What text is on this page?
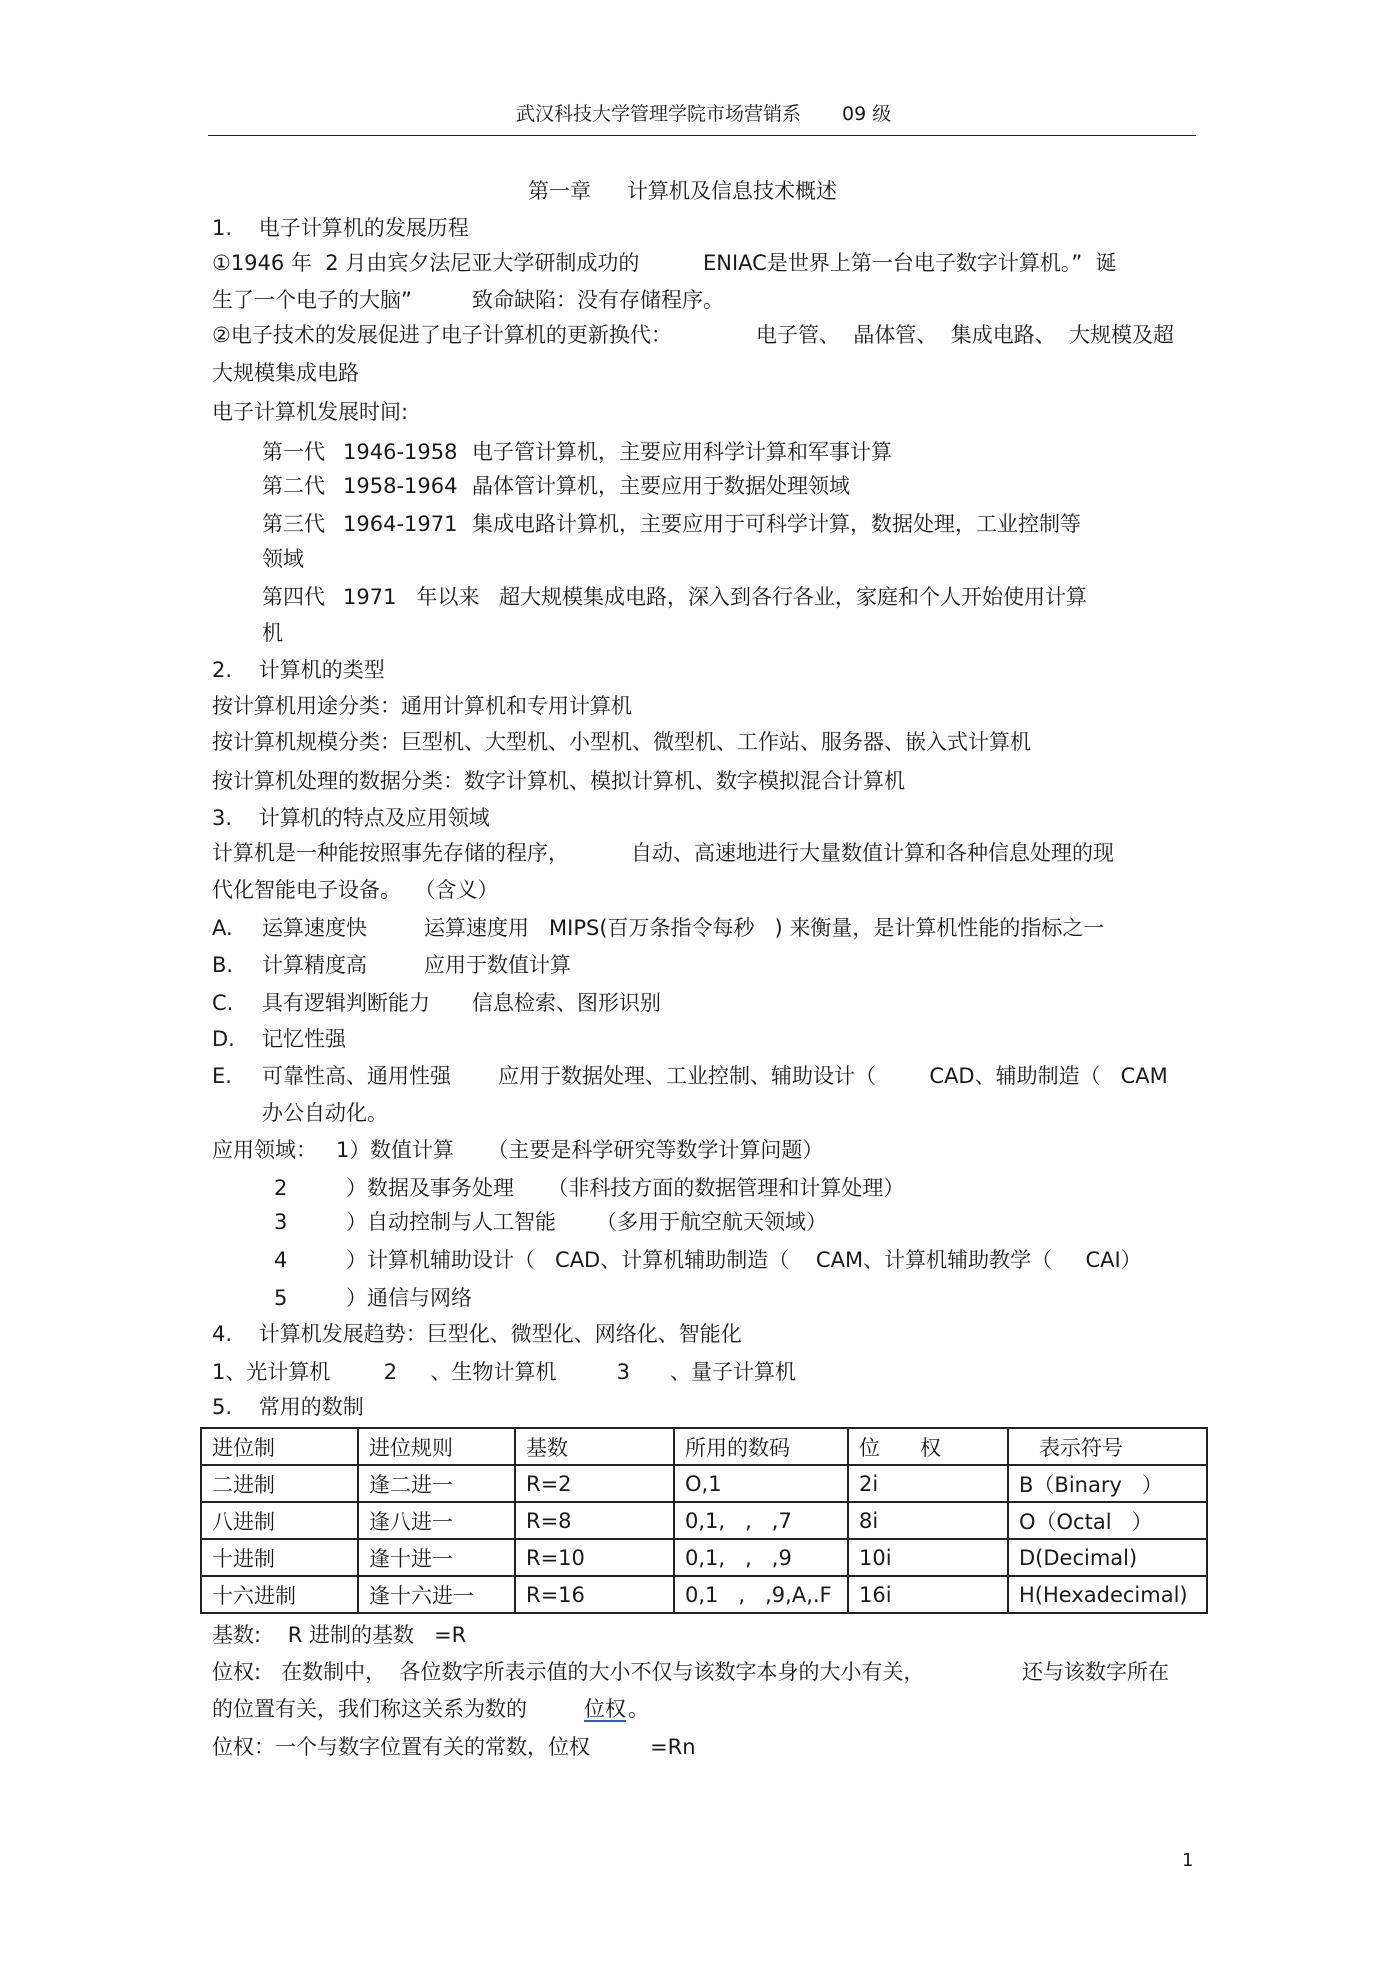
武汉科技大学管理学院市场营销系 09 级
第一章 计算机及信息技术概述
1.    电子计算机的发展历程
①1946 年  2 月由宾夕法尼亚大学研制成功的	ENIAC是世界上第一台电子数字计算机。”  诞
生了一个电子的大脑”	致命缺陷：没有存储程序。
②电子技术的发展促进了电子计算机的更新换代：	电子管、  晶体管、  集成电路、  大规模及超
大规模集成电路
电子计算机发展时间:
第一代 1946-1958 电子管计算机，主要应用科学计算和军事计算
第二代 1958-1964 晶体管计算机，主要应用于数据处理领域
第三代 1964-1971 集成电路计算机，主要应用于可科学计算，数据处理，工业控制等
领域
第四代 1971   年以来 超大规模集成电路，深入到各行各业，家庭和个人开始使用计算
机
2.    计算机的类型
按计算机用途分类：通用计算机和专用计算机
按计算机规模分类：巨型机、大型机、小型机、微型机、工作站、服务器、嵌入式计算机
按计算机处理的数据分类：数字计算机、模拟计算机、数字模拟混合计算机
3.    计算机的特点及应用领域
计算机是一种能按照事先存储的程序，	自动、高速地进行大量数值计算和各种信息处理的现
代化智能电子设备。  （含义）
A. 运算速度快	运算速度用   MIPS(百万条指令每秒   ) 来衡量，是计算机性能的指标之一
B. 计算精度高	应用于数值计算
C. 具有逻辑判断能力 信息检索、图形识别
D. 记忆性强
E. 可靠性高、通用性强 应用于数据处理、工业控制、辅助设计（        CAD、辅助制造（   CAM
办公自动化。
应用领域： 1） 数值计算     （主要是科学研究等数学计算问题）
2	）数据及事务处理     （非科技方面的数据管理和计算处理）
3	）自动控制与人工智能      （多用于航空航天领域）
4	）计算机辅助设计（   CAD、计算机辅助制造（    CAM、计算机辅助教学（     CAI）
5	）通信与网络
4.    计算机发展趋势：巨型化、微型化、网络化、智能化
1、光计算机        2     、生物计算机         3      、量子计算机
5.    常用的数制
进位制	进位规则	基数	所用的数码	位      权	表示符号
二进制	逢二进一	R=2	O,1	2i	B（Binary   ）
八进制	逢八进一	R=8	0,1,   ,   ,7	8i	O（Octal   ）
十进制	逢十进一	R=10	0,1,   ,   ,9	10i	D(Decimal)
十六进制	逢十六进一	R=16	0,1   ,   ,9,A,.F	16i	H(Hexadecimal)
基数:    R 进制的基数   =R
位权:   在数制中，  各位数字所表示值的大小不仅与该数字本身的大小有关，	还与该数字所在
的位置有关，我们称这关系为数的	位权 。
位权：一个与数字位置有关的常数，位权         =Rn
1
